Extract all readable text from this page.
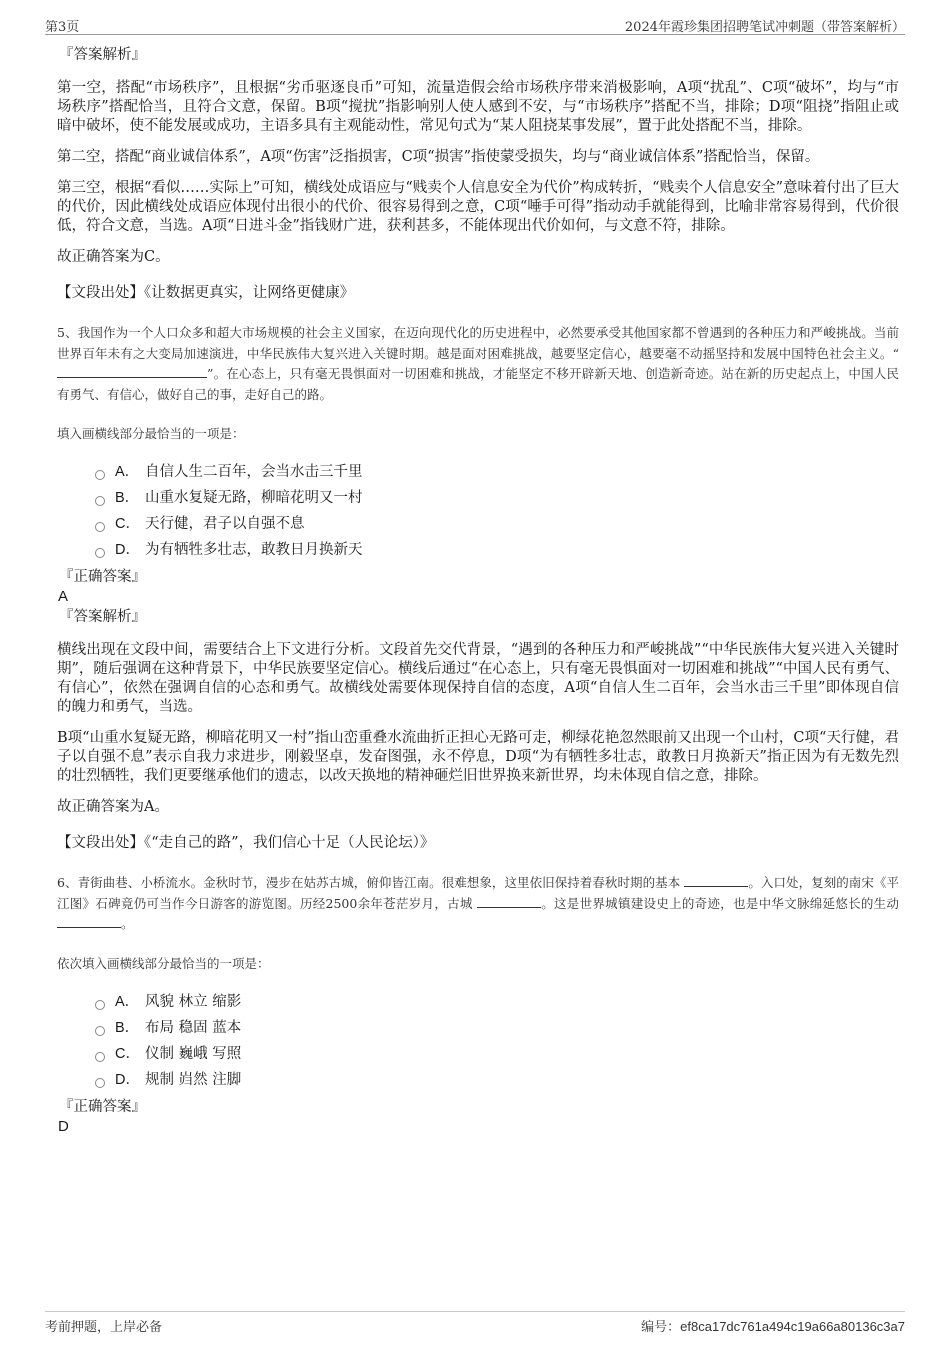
第3页	2024年霞珍集团招聘笔试冲刺题（带答案解析）
『答案解析』

第一空，搭配“市场秩序”，且根据“劣币驱逐良币”可知，流量造假会给市场秩序带来消极影响，A项“扰乱”、C项“破坏”，均与“市场秩序”搭配恰当，且符合文意，保留。B项“搅扰”指影响别人使人感到不安，与“市场秩序”搭配不当，排除；D项“阻挠”指阻止或暗中破坏，使不能发展或成功，主语多具有主观能动性，常见句式为“某人阻挠某事发展”，置于此处搭配不当，排除。

第二空，搭配“商业诚信体系”，A项“伤害”泛指损害，C项“损害”指使蒙受损失，均与“商业诚信体系”搭配恰当，保留。

第三空，根据“看似……实际上”可知，横线处成语应与“贱卖个人信息安全为代价”构成转折，“贱卖个人信息安全”意味着付出了巨大的代价，因此横线处成语应体现付出很小的代价、很容易得到之意，C项“唾手可得”指动动手就能得到，比喻非常容易得到，代价很低，符合文意，当选。A项“日进斗金”指钱财广进，获利甚多，不能体现出代价如何，与文意不符，排除。

故正确答案为C。

【文段出处】《让数据更真实，让网络更健康》

5、我国作为一个人口众多和超大市场规模的社会主义国家，在迈向现代化的历史进程中，必然要承受其他国家都不曾遇到的各种压力和严峻挑战。当前世界百年未有之大变局加速演进，中华民族伟大复兴进入关键时期。越是面对困难挑战，越要坚定信心，越要毫不动摇坚持和发展中国特色社会主义。“”。在心态上，只有毫无畏惧面对一切困难和挑战，才能坚定不移开辟新天地、创造新奇迹。站在新的历史起点上，中国人民有勇气、有信心，做好自己的事，走好自己的路。

填入画横线部分最恰当的一项是：

A． 自信人生二百年，会当水击三千里
B． 山重水复疑无路，柳暗花明又一村
C． 天行健，君子以自强不息
D． 为有牺牲多壮志，敢教日月换新天
『正确答案』
A
『答案解析』

横线出现在文段中间，需要结合上下文进行分析。文段首先交代背景，“遇到的各种压力和严峻挑战”“中华民族伟大复兴进入关键时期”，随后强调在这种背景下，中华民族要坚定信心。横线后通过“在心态上，只有毫无畏惧面对一切困难和挑战”“中国人民有勇气、有信心”，依然在强调自信的心态和勇气。故横线处需要体现保持自信的态度，A项“自信人生二百年，会当水击三千里”即体现自信的魄力和勇气，当选。

B项“山重水复疑无路，柳暗花明又一村”指山峦重叠水流曲折正担心无路可走，柳绿花艳忽然眼前又出现一个山村，C项“天行健，君子以自强不息”表示自我力求进步，刚毅坚卓，发奋图强，永不停息，D项“为有牺牲多壮志，敢教日月换新天”指正因为有无数先烈的壮烈牺牲，我们更要继承他们的遗志，以改天换地的精神砸烂旧世界换来新世界，均未体现自信之意，排除。

故正确答案为A。

【文段出处】《“走自己的路”，我们信心十足（人民论坛）》

6、青街曲巷、小桥流水。金秋时节，漫步在姑苏古城，俯仰皆江南。很难想象，这里依旧保持着春秋时期的基本	。入口处，复刻的南宋《平江图》石碑竟仍可当作今日游客的游览图。历经2500余年苍茫岁月，古城	。这是世界城镇建设史上的奇迹，也是中华文脉绵延悠长的生动 。

依次填入画横线部分最恰当的一项是：

A． 风貌 林立 缩影
B． 布局 稳固 蓝本
C． 仪制 巍峨 写照
D． 规制 岿然 注脚
『正确答案』
D
考前押题，上岸必备	编号：ef8ca17dc761a494c19a66a80136c3a7
